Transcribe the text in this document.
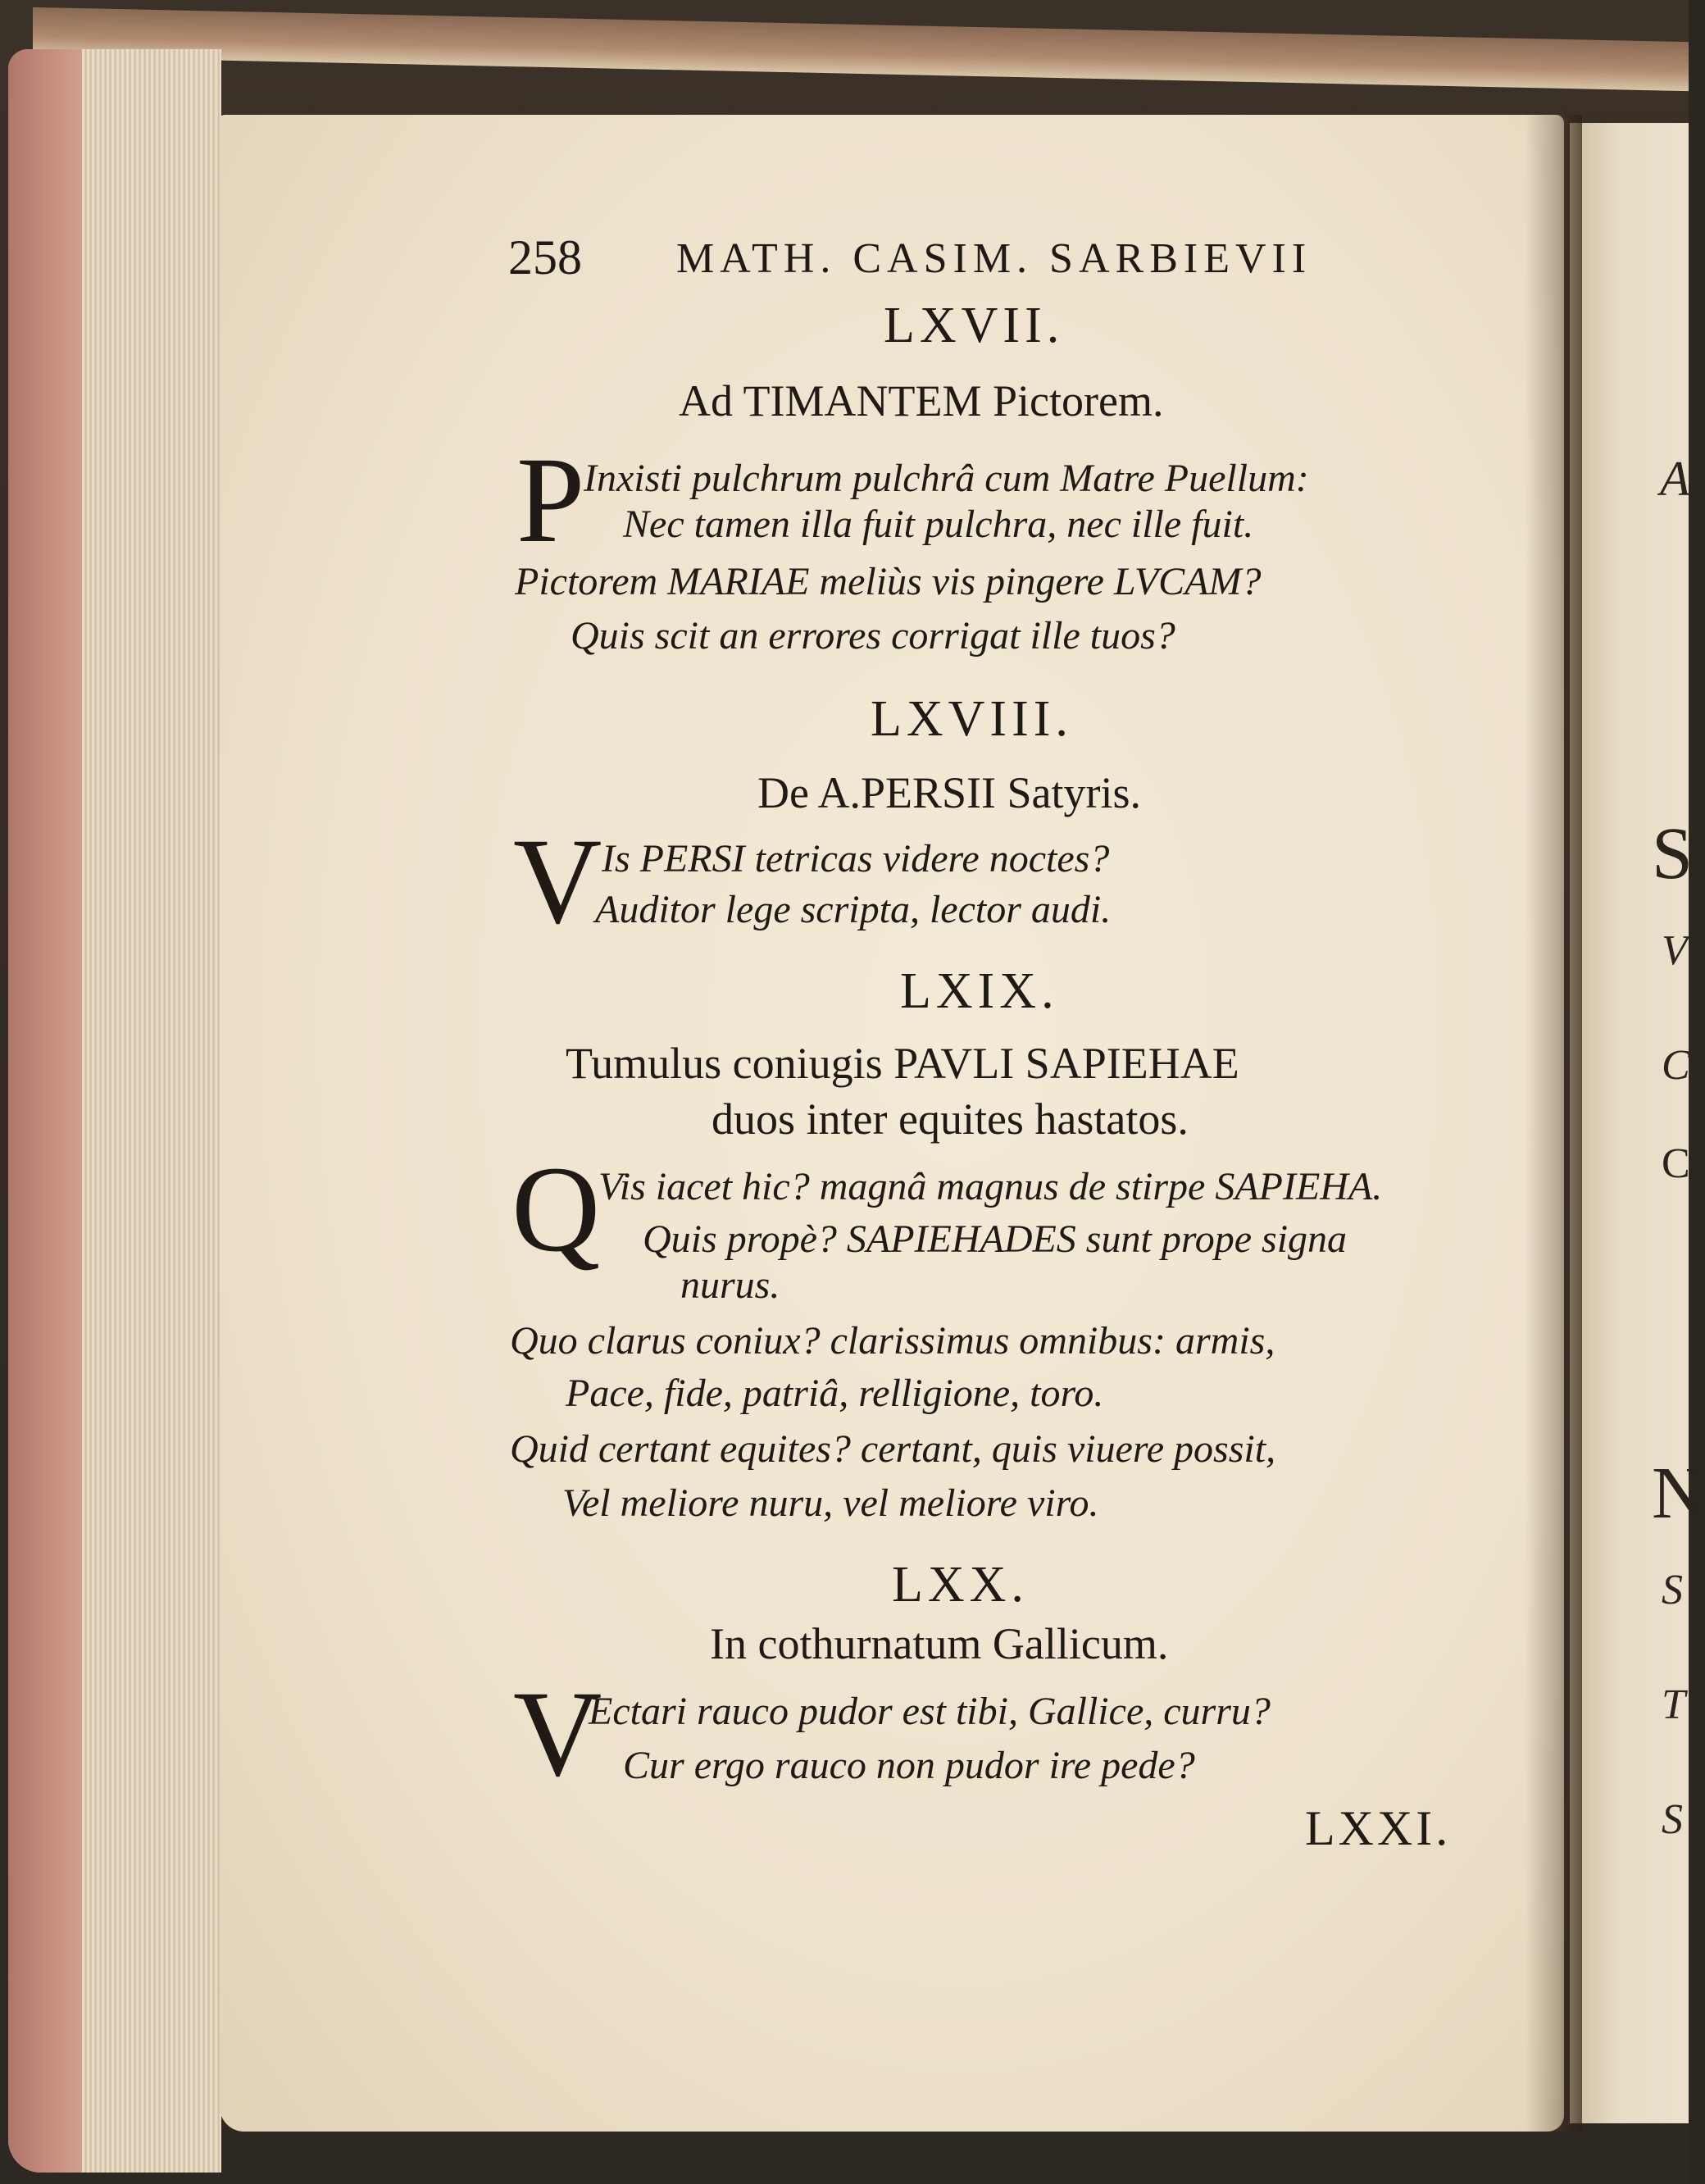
A
S
V
C
C
N
S
T
S
258 MATH. CASIM. SARBIEVII
LXVII.
Ad TIMANTEM Pictorem.
P
Inxisti pulchrum pulchrâ cum Matre Puellum:
Nec tamen illa fuit pulchra, nec ille fuit.
Pictorem MARIAE meliùs vis pingere LVCAM?
Quis scit an errores corrigat ille tuos?
LXVIII.
De A.PERSII Satyris.
V Is PERSI tetricas videre noctes?
Auditor lege scripta, lector audi.
LXIX.
Tumulus coniugis PAVLI SAPIEHAE
duos inter equites hastatos.
Q
Vis iacet hic? magnâ magnus de stirpe SAPIEHA.
Quis propè? SAPIEHADES sunt prope signa
nurus.
Quo clarus coniux? clarissimus omnibus: armis,
Pace, fide, patriâ, relligione, toro.
Quid certant equites? certant, quis viuere possit,
Vel meliore nuru, vel meliore viro.
LXX.
In cothurnatum Gallicum.
V
Ectari rauco pudor est tibi, Gallice, curru?
Cur ergo rauco non pudor ire pede?
LXXI.
